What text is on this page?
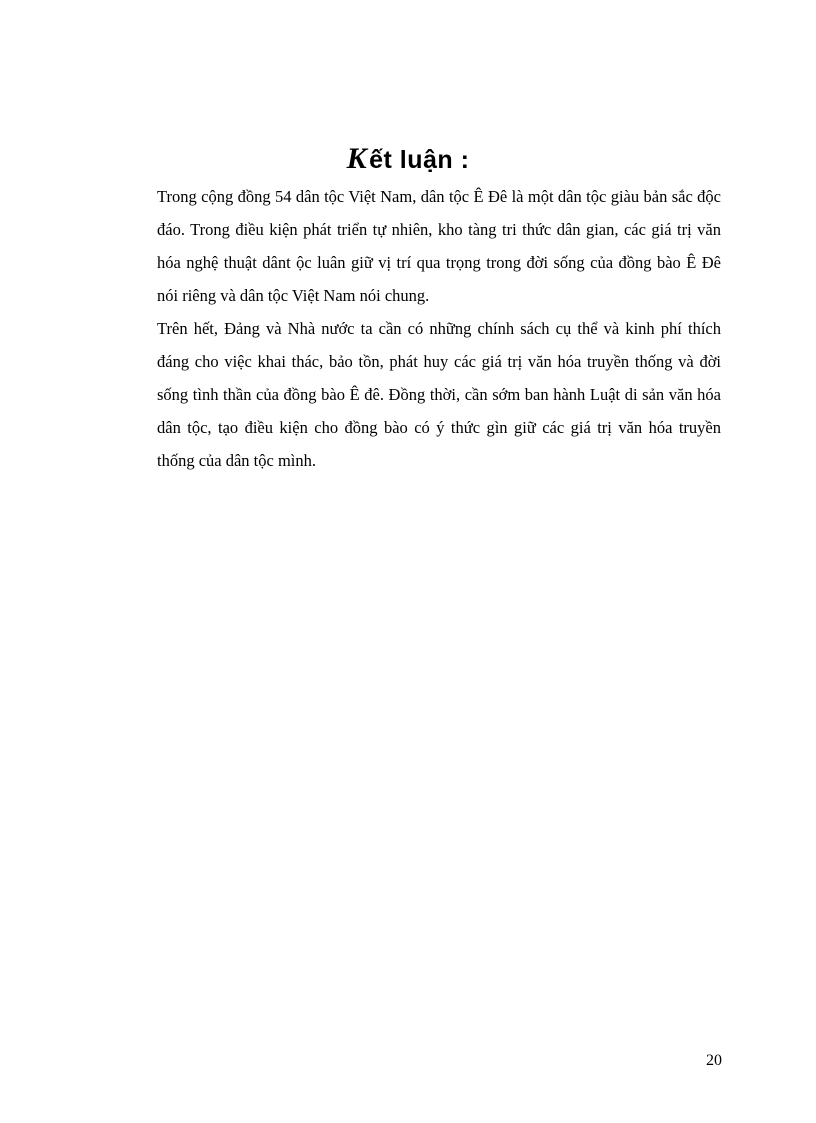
Kết luận :

Trong cộng đồng 54 dân tộc Việt Nam, dân tộc Ê Đê là một dân tộc giàu bản sắc độc đáo. Trong điều kiện phát triển tự nhiên, kho tàng tri thức dân gian, các giá trị văn hóa nghệ thuật dânt ộc luân giữ vị trí qua trọng trong đời sống của đồng bào Ê Đê nói riêng và dân tộc Việt Nam nói chung.

Trên hết, Đảng và Nhà nước ta cần có những chính sách cụ thể và kinh phí thích đáng cho việc khai thác, bảo tồn, phát huy các giá trị văn hóa truyền thống và đời sống tình thần của đồng bào Ê đê. Đồng thời, cần sớm ban hành Luật di sản văn hóa dân tộc, tạo điều kiện cho đồng bào có ý thức gìn giữ các giá trị văn hóa truyền thống của dân tộc mình.

20
